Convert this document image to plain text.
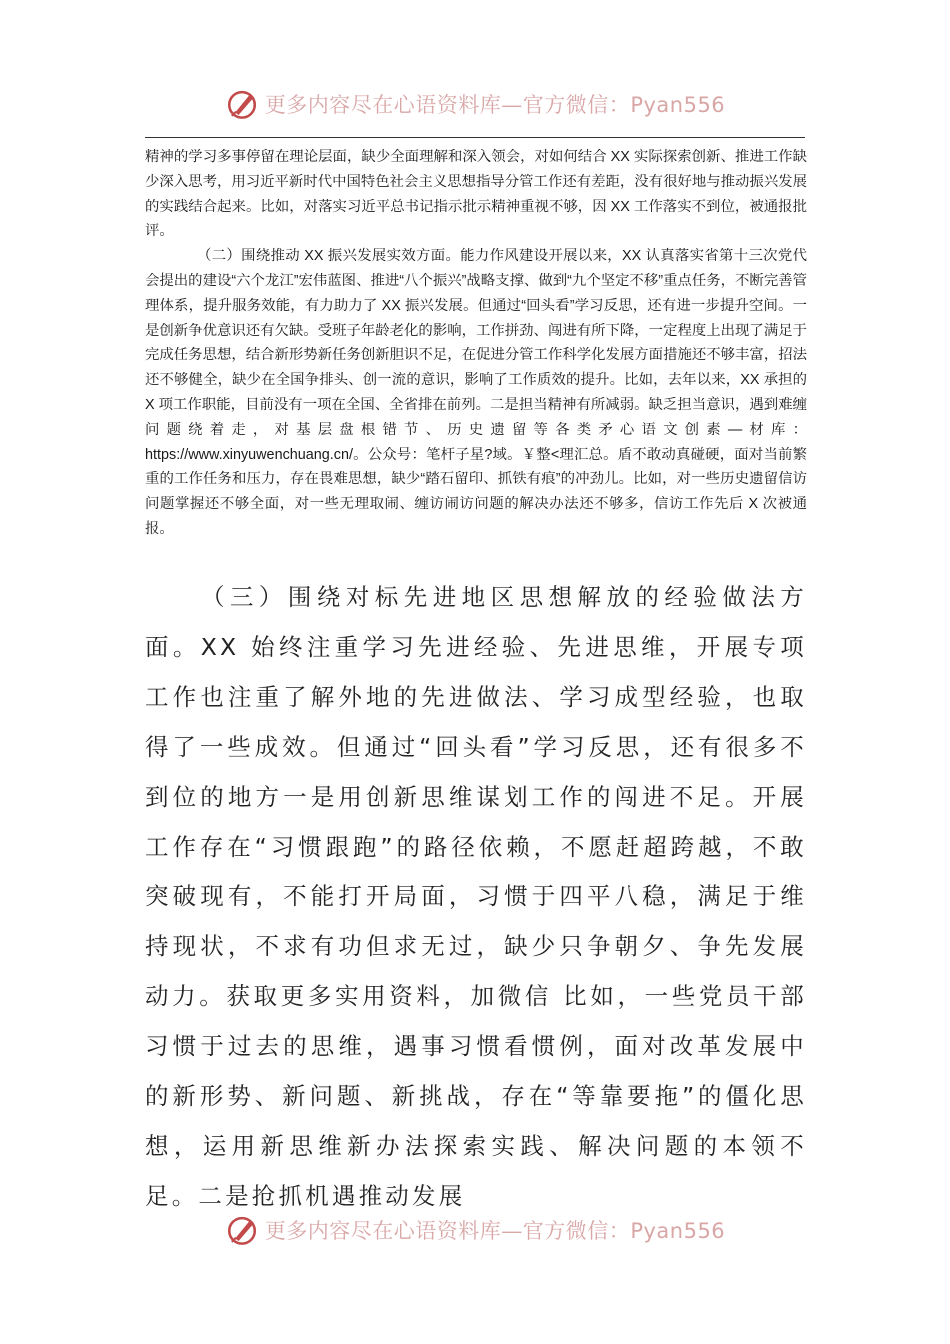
更多内容尽在心语资料库—官方微信：Pyan556

精神的学习多事停留在理论层面，缺少全面理解和深入领会，对如何结合 XX 实际探索创新、推进工作缺少深入思考，用习近平新时代中国特色社会主义思想指导分管工作还有差距，没有很好地与推动振兴发展的实践结合起来。比如，对落实习近平总书记指示批示精神重视不够，因 XX 工作落实不到位，被通报批评。

（二）围绕推动 XX 振兴发展实效方面。能力作风建设开展以来，XX 认真落实省第十三次党代会提出的建设“六个龙江”宏伟蓝图、推进“八个振兴”战略支撑、做到“九个坚定不移”重点任务，不断完善管理体系，提升服务效能，有力助力了 XX 振兴发展。但通过“回头看”学习反思，还有进一步提升空间。一是创新争优意识还有欠缺。受班子年龄老化的影响，工作拼劲、闯进有所下降，一定程度上出现了满足于完成任务思想，结合新形势新任务创新胆识不足，在促进分管工作科学化发展方面措施还不够丰富，招法还不够健全，缺少在全国争排头、创一流的意识，影响了工作质效的提升。比如，去年以来，XX 承担的 X 项工作职能，目前没有一项在全国、全省排在前列。二是担当精神有所减弱。缺乏担当意识，遇到难缠问题绕着走，对基层盘根错节、历史遗留等各类矛心语文创素—材库：https://www.xinyuwenchuang.cn/。公众号：笔杆子星?域。￥整<理汇总。盾不敢动真碰硬，面对当前繁重的工作任务和压力，存在畏难思想，缺少“踏石留印、抓铁有痕”的冲劲儿。比如，对一些历史遗留信访问题掌握还不够全面，对一些无理取闹、缠访闹访问题的解决办法还不够多，信访工作先后 X 次被通报。

（三）围绕对标先进地区思想解放的经验做法方面。XX 始终注重学习先进经验、先进思维，开展专项工作也注重了解外地的先进做法、学习成型经验，也取得了一些成效。但通过“回头看”学习反思，还有很多不到位的地方一是用创新思维谋划工作的闯进不足。开展工作存在“习惯跟跑”的路径依赖，不愿赶超跨越，不敢突破现有，不能打开局面，习惯于四平八稳，满足于维持现状，不求有功但求无过，缺少只争朝夕、争先发展动力。获取更多实用资料，加微信 比如，一些党员干部习惯于过去的思维，遇事习惯看惯例，面对改革发展中的新形势、新问题、新挑战，存在“等靠要拖”的僵化思想，运用新思维新办法探索实践、解决问题的本领不足。二是抢抓机遇推动发展

更多内容尽在心语资料库—官方微信：Pyan556
